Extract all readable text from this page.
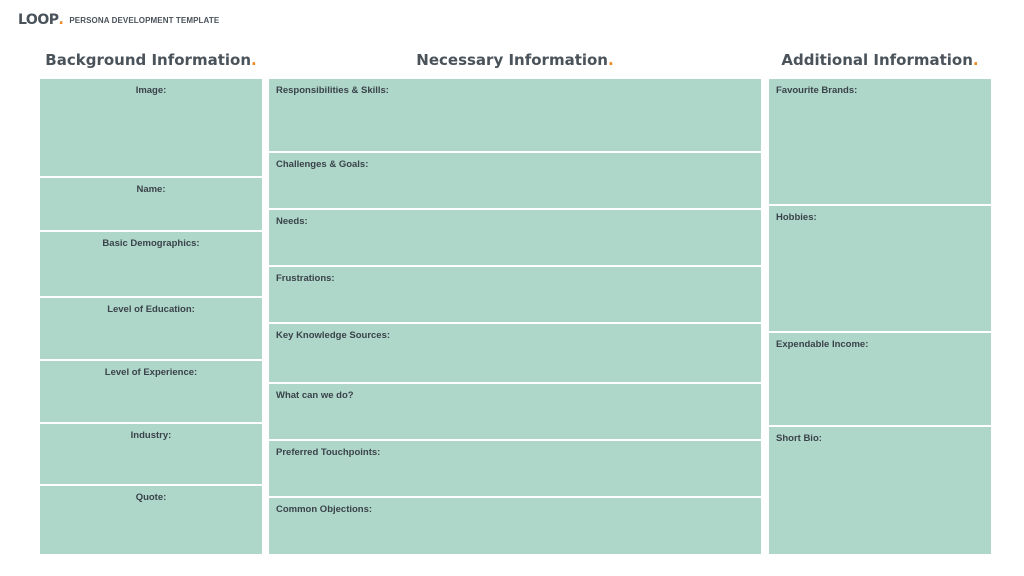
LOOP . PERSONA DEVELOPMENT TEMPLATE
Background Information.	Necessary Information.	Additional Information.
Image:
Name:
Basic Demographics:
Level of Education:
Level of Experience:
Industry:
Quote:
Responsibilities & Skills:
Challenges & Goals:
Needs:
Frustrations:
Key Knowledge Sources:
What can we do?
Preferred Touchpoints:
Common Objections:
Favourite Brands:
Hobbies:
Expendable Income:
Short Bio:
